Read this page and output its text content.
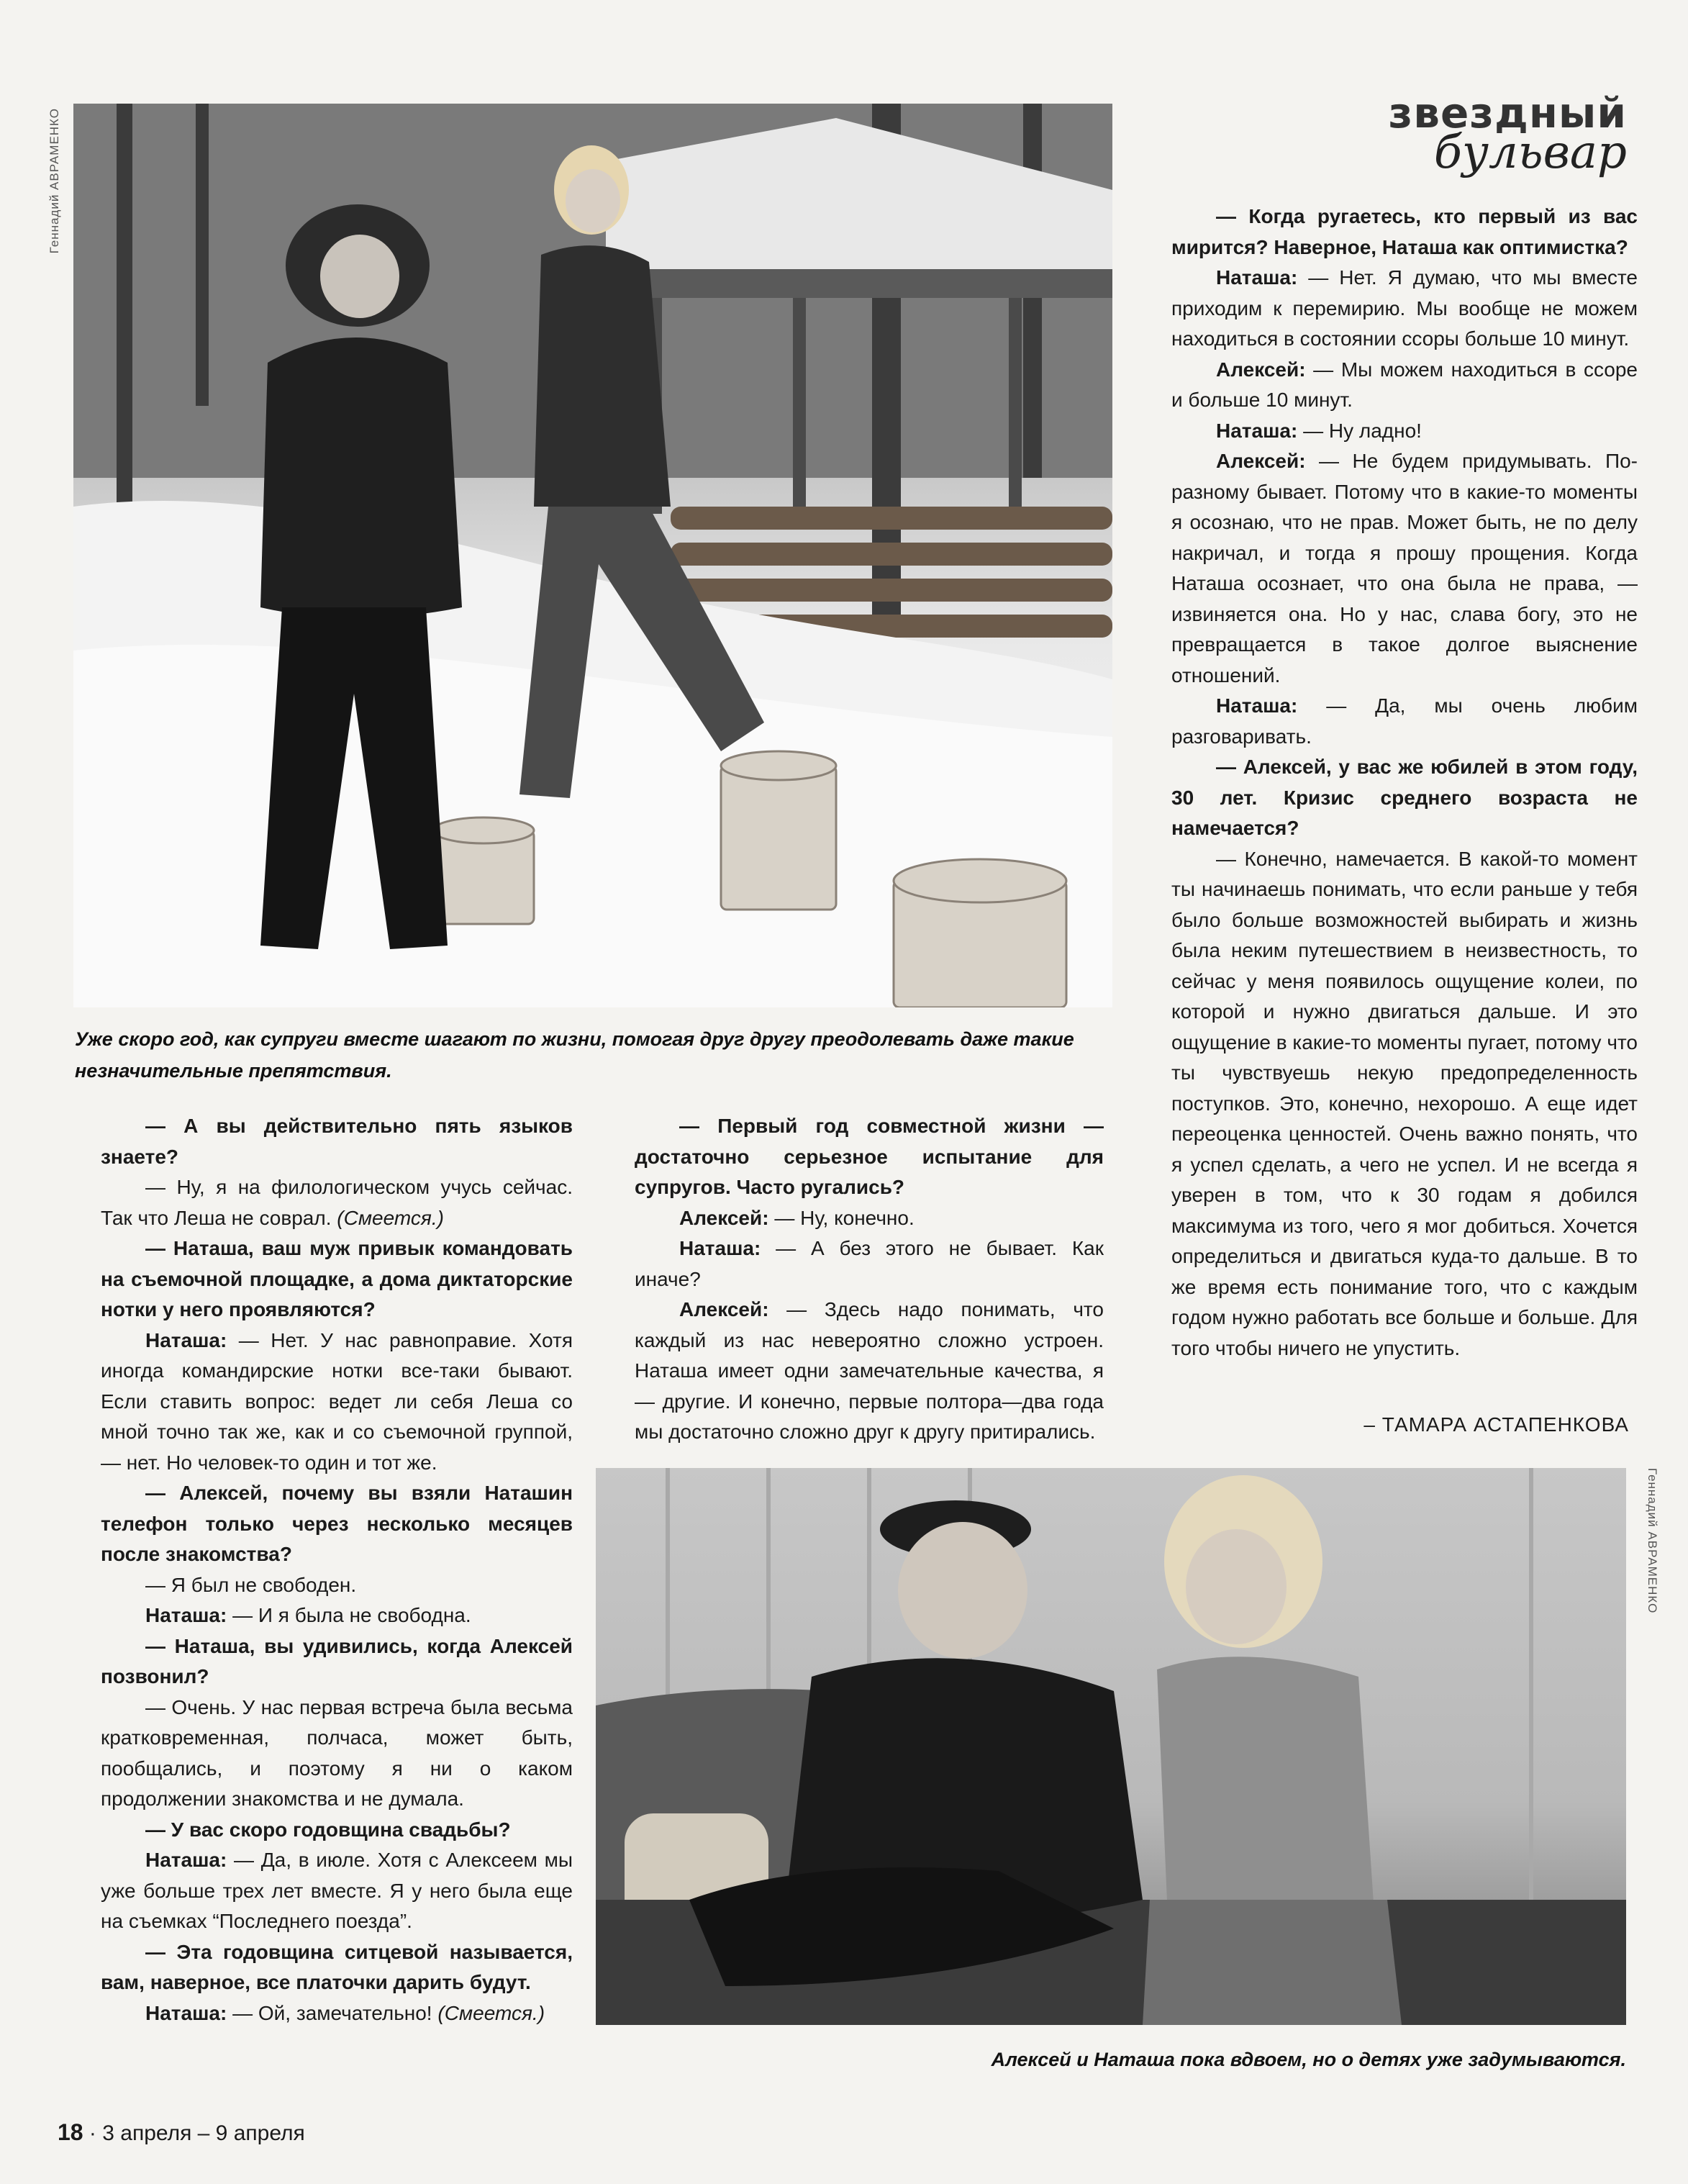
Геннадий АВРАМЕНКО	звездный
бульвар
Уже скоро год, как супруги вместе шагают по жизни, помогая друг другу преодолевать даже такие незначительные препятствия.

— Когда ругаетесь, кто первый из вас мирится? Наверное, Наташа как оптимистка?

Наташа: — Нет. Я думаю, что мы вместе приходим к перемирию. Мы вообще не можем находиться в состоянии ссоры больше 10 минут.

Алексей: — Мы можем находиться в ссоре и больше 10 минут.

Наташа: — Ну ладно!

Алексей: — Не будем придумывать. По-разному бывает. Потому что в какие-то моменты я осознаю, что не прав. Может быть, не по делу накричал, и тогда я прошу прощения. Когда Наташа осознает, что она была не права, — извиняется она. Но у нас, слава богу, это не превращается в такое долгое выяснение отношений.

Наташа: — Да, мы очень любим разговаривать.

— Алексей, у вас же юбилей в этом году, 30 лет. Кризис среднего возраста не намечается?

— Конечно, намечается. В какой-то момент ты начинаешь понимать, что если раньше у тебя было больше возможностей выбирать и жизнь была неким путешествием в неизвестность, то сейчас у меня появилось ощущение колеи, по которой и нужно двигаться дальше. И это ощущение в какие-то моменты пугает, потому что ты чувствуешь некую предопределенность поступков. Это, конечно, нехорошо. А еще идет переоценка ценностей. Очень важно понять, что я успел сделать, а чего не успел. И не всегда я уверен в том, что к 30 годам я добился максимума из того, чего я мог добиться. Хочется определиться и двигаться куда-то дальше. В то же время есть понимание того, что с каждым годом нужно работать все больше и больше. Для того чтобы ничего не упустить.

– ТАМАРА АСТАПЕНКОВА

— А вы действительно пять языков знаете?

— Ну, я на филологическом учусь сейчас. Так что Леша не соврал. (Смеется.)

— Наташа, ваш муж привык командовать на съемочной площадке, а дома диктаторские нотки у него проявляются?

Наташа: — Нет. У нас равноправие. Хотя иногда командирские нотки все-таки бывают. Если ставить вопрос: ведет ли себя Леша со мной точно так же, как и со съемочной группой, — нет. Но человек-то один и тот же.

— Алексей, почему вы взяли Наташин телефон только через несколько месяцев после знакомства?

— Я был не свободен.

Наташа: — И я была не свободна.

— Наташа, вы удивились, когда Алексей позвонил?

— Очень. У нас первая встреча была весьма кратковременная, полчаса, может быть, пообщались, и поэтому я ни о каком продолжении знакомства и не думала.

— У вас скоро годовщина свадьбы?

Наташа: — Да, в июле. Хотя с Алексеем мы уже больше трех лет вместе. Я у него была еще на съемках “Последнего поезда”.

— Эта годовщина ситцевой называется, вам, наверное, все платочки дарить будут.

Наташа: — Ой, замечательно! (Смеется.)

— Первый год совместной жизни — достаточно серьезное испытание для супругов. Часто ругались?

Алексей: — Ну, конечно.

Наташа: — А без этого не бывает. Как иначе?

Алексей: — Здесь надо понимать, что каждый из нас невероятно сложно устроен. Наташа имеет одни замечательные качества, я — другие. И конечно, первые полтора—два года мы достаточно сложно друг к другу притирались.

Геннадий АВРАМЕНКО
Алексей и Наташа пока вдвоем, но о детях уже задумываются.
18 · 3 апреля – 9 апреля
